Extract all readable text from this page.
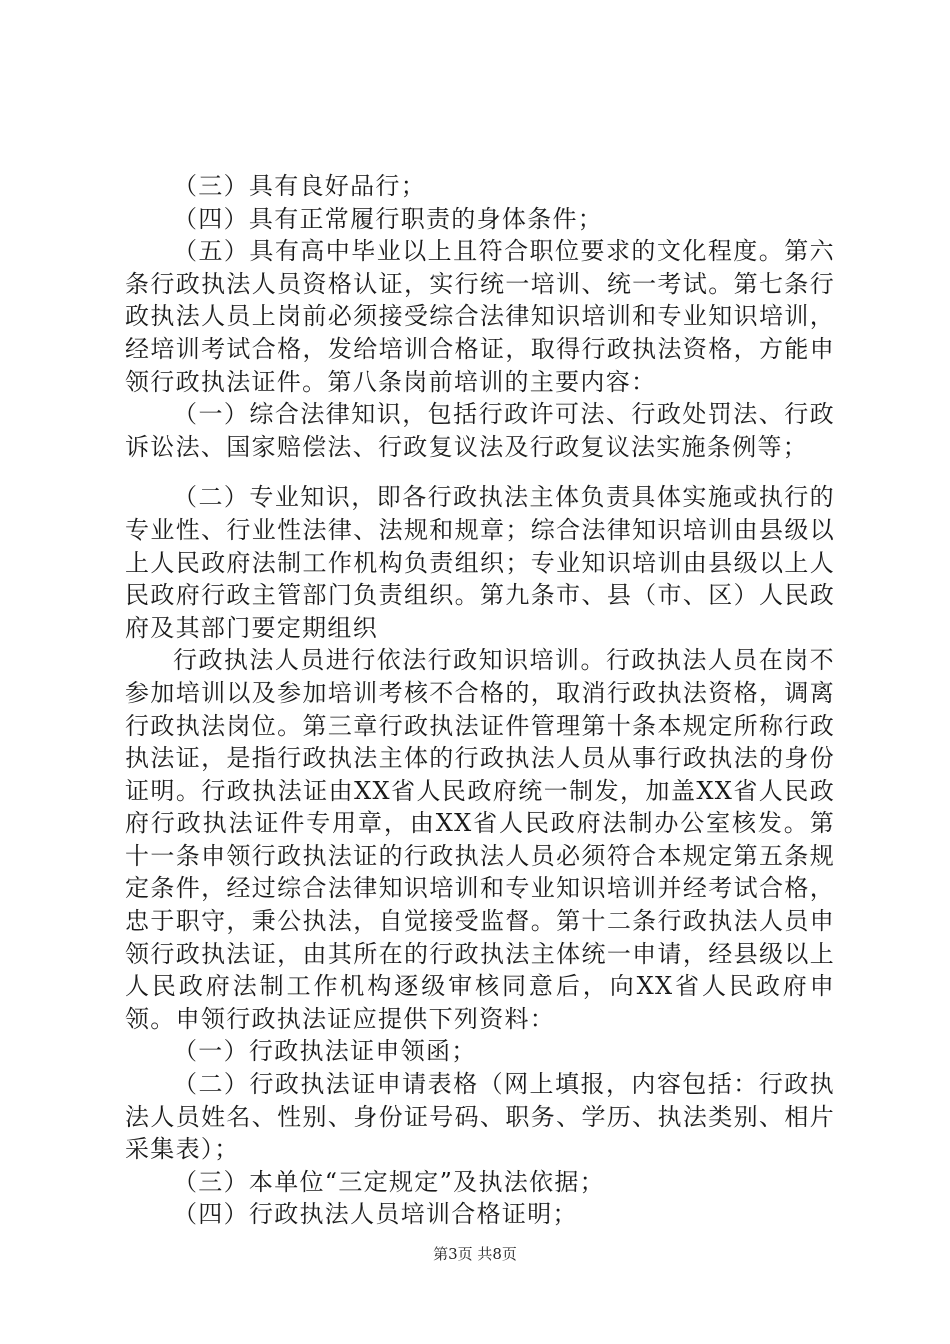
（三）具有良好品行；

（四）具有正常履行职责的身体条件；

（五）具有高中毕业以上且符合职位要求的文化程度。第六条行政执法人员资格认证，实行统一培训、统一考试。第七条行政执法人员上岗前必须接受综合法律知识培训和专业知识培训，经培训考试合格，发给培训合格证，取得行政执法资格，方能申领行政执法证件。第八条岗前培训的主要内容：

（一）综合法律知识，包括行政许可法、行政处罚法、行政诉讼法、国家赔偿法、行政复议法及行政复议法实施条例等；

（二）专业知识，即各行政执法主体负责具体实施或执行的专业性、行业性法律、法规和规章；综合法律知识培训由县级以上人民政府法制工作机构负责组织；专业知识培训由县级以上人民政府行政主管部门负责组织。第九条市、县（市、区）人民政府及其部门要定期组织

行政执法人员进行依法行政知识培训。行政执法人员在岗不参加培训以及参加培训考核不合格的，取消行政执法资格，调离行政执法岗位。第三章行政执法证件管理第十条本规定所称行政执法证，是指行政执法主体的行政执法人员从事行政执法的身份证明。行政执法证由XX省人民政府统一制发，加盖XX省人民政府行政执法证件专用章，由XX省人民政府法制办公室核发。第十一条申领行政执法证的行政执法人员必须符合本规定第五条规定条件，经过综合法律知识培训和专业知识培训并经考试合格，忠于职守，秉公执法，自觉接受监督。第十二条行政执法人员申领行政执法证，由其所在的行政执法主体统一申请，经县级以上人民政府法制工作机构逐级审核同意后，向XX省人民政府申领。申领行政执法证应提供下列资料：

（一）行政执法证申领函；

（二）行政执法证申请表格（网上填报，内容包括：行政执法人员姓名、性别、身份证号码、职务、学历、执法类别、相片采集表）；

（三）本单位“三定规定”及执法依据；

（四）行政执法人员培训合格证明；

第3页 共8页
